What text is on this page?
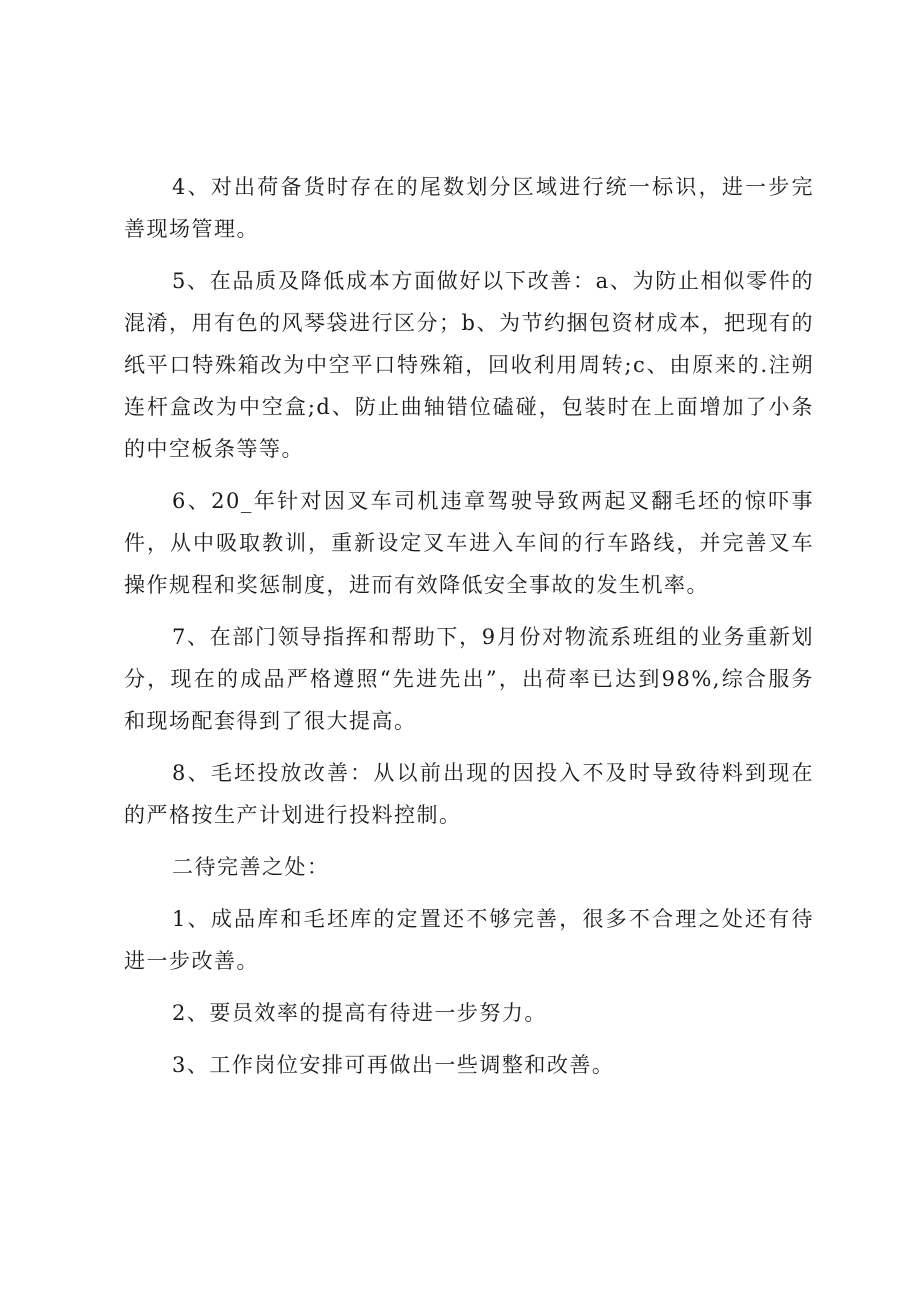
4、对出荷备货时存在的尾数划分区域进行统一标识，进一步完善现场管理。

5、在品质及降低成本方面做好以下改善：a、为防止相似零件的混淆，用有色的风琴袋进行区分；b、为节约捆包资材成本，把现有的纸平口特殊箱改为中空平口特殊箱，回收利用周转;c、由原来的.注朔连杆盒改为中空盒;d、防止曲轴错位磕碰，包装时在上面增加了小条的中空板条等等。

6、20_年针对因叉车司机违章驾驶导致两起叉翻毛坯的惊吓事件，从中吸取教训，重新设定叉车进入车间的行车路线，并完善叉车操作规程和奖惩制度，进而有效降低安全事故的发生机率。

7、在部门领导指挥和帮助下，9月份对物流系班组的业务重新划分，现在的成品严格遵照“先进先出”，出荷率已达到98%,综合服务和现场配套得到了很大提高。

8、毛坯投放改善：从以前出现的因投入不及时导致待料到现在的严格按生产计划进行投料控制。

二待完善之处：

1、成品库和毛坯库的定置还不够完善，很多不合理之处还有待进一步改善。

2、要员效率的提高有待进一步努力。

3、工作岗位安排可再做出一些调整和改善。
